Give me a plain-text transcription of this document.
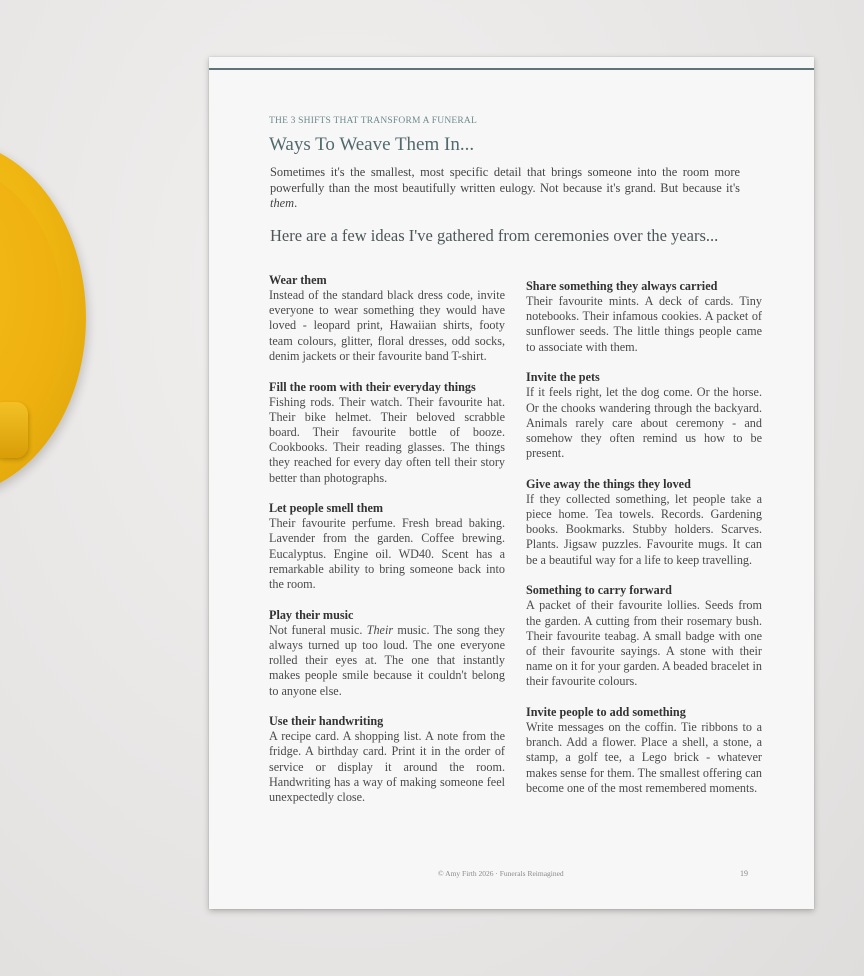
THE 3 SHIFTS THAT TRANSFORM A FUNERAL
Ways To Weave Them In...
Sometimes it's the smallest, most specific detail that brings someone into the room more powerfully than the most beautifully written eulogy. Not because it's grand. But because it's them.
Here are a few ideas I've gathered from ceremonies over the years...
Wear them

Instead of the standard black dress code, invite everyone to wear something they would have loved - leopard print, Hawaiian shirts, footy team colours, glitter, floral dresses, odd socks, denim jackets or their favourite band T-shirt.

Fill the room with their everyday things

Fishing rods. Their watch. Their favourite hat. Their bike helmet. Their beloved scrabble board. Their favourite bottle of booze. Cookbooks. Their reading glasses. The things they reached for every day often tell their story better than photographs.

Let people smell them

Their favourite perfume. Fresh bread baking. Lavender from the garden. Coffee brewing. Eucalyptus. Engine oil. WD40. Scent has a remarkable ability to bring someone back into the room.

Play their music

Not funeral music. Their music. The song they always turned up too loud. The one everyone rolled their eyes at. The one that instantly makes people smile because it couldn't belong to anyone else.

Use their handwriting

A recipe card. A shopping list. A note from the fridge. A birthday card. Print it in the order of service or display it around the room. Handwriting has a way of making someone feel unexpectedly close.

Share something they always carried

Their favourite mints. A deck of cards. Tiny notebooks. Their infamous cookies. A packet of sunflower seeds. The little things people came to associate with them.

Invite the pets

If it feels right, let the dog come. Or the horse. Or the chooks wandering through the backyard. Animals rarely care about ceremony - and somehow they often remind us how to be present.

Give away the things they loved

If they collected something, let people take a piece home. Tea towels. Records. Gardening books. Bookmarks. Stubby holders. Scarves. Plants. Jigsaw puzzles. Favourite mugs. It can be a beautiful way for a life to keep travelling.

Something to carry forward

A packet of their favourite lollies. Seeds from the garden. A cutting from their rosemary bush. Their favourite teabag. A small badge with one of their favourite sayings. A stone with their name on it for your garden. A beaded bracelet in their favourite colours.

Invite people to add something

Write messages on the coffin. Tie ribbons to a branch. Add a flower. Place a shell, a stone, a stamp, a golf tee, a Lego brick - whatever makes sense for them. The smallest offering can become one of the most remembered moments.

© Amy Firth 2026 · Funerals Reimagined	19
